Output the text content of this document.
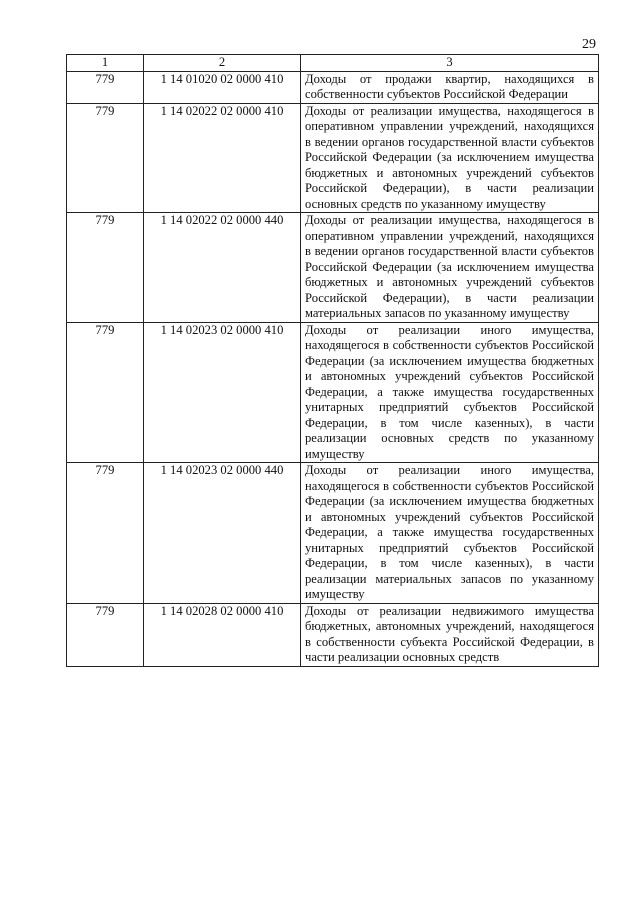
29
1	2	3
779	1 14 01020 02 0000 410	Доходы от продажи квартир, находящихся в собственности субъектов Российской Федерации
779	1 14 02022 02 0000 410	Доходы от реализации имущества, находящегося в оперативном управлении учреждений, находящихся в ведении органов государственной власти субъектов Российской Федерации (за исключением имущества бюджетных и автономных учреждений субъектов Российской Федерации), в части реализации основных средств по указанному имуществу
779	1 14 02022 02 0000 440	Доходы от реализации имущества, находящегося в оперативном управлении учреждений, находящихся в ведении органов государственной власти субъектов Российской Федерации (за исключением имущества бюджетных и автономных учреждений субъектов Российской Федерации), в части реализации материальных запасов по указанному имуществу
779	1 14 02023 02 0000 410	Доходы от реализации иного имущества, находящегося в собственности субъектов Российской Федерации (за исключением имущества бюджетных и автономных учреждений субъектов Российской Федерации, а также имущества государственных унитарных предприятий субъектов Российской Федерации, в том числе казенных), в части реализации основных средств по указанному имуществу
779	1 14 02023 02 0000 440	Доходы от реализации иного имущества, находящегося в собственности субъектов Российской Федерации (за исключением имущества бюджетных и автономных учреждений субъектов Российской Федерации, а также имущества государственных унитарных предприятий субъектов Российской Федерации, в том числе казенных), в части реализации материальных запасов по указанному имуществу
779	1 14 02028 02 0000 410	Доходы от реализации недвижимого имущества бюджетных, автономных учреждений, находящегося в собственности субъекта Российской Федерации, в части реализации основных средств
